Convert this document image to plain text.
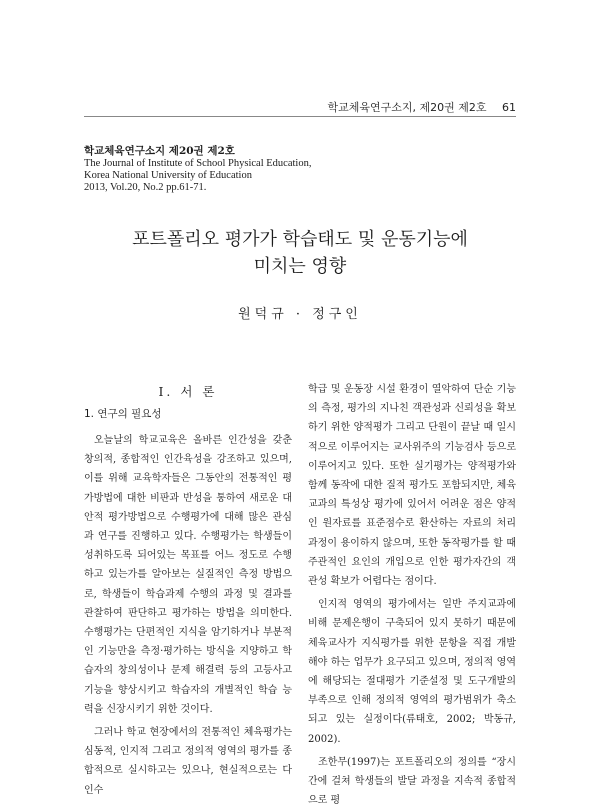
학교체육연구소지, 제20권 제2호 61
학교체육연구소지 제20권 제2호
The Journal of Institute of School Physical Education,
Korea National University of Education
2013, Vol.20, No.2 pp.61-71.
포트폴리오 평가가 학습태도 및 운동기능에
미치는 영향
원덕규 · 정구인
I. 서 론
1. 연구의 필요성

오늘날의 학교교육은 올바른 인간성을 갖춘 창의적, 종합적인 인간육성을 강조하고 있으며, 이를 위해 교육학자들은 그동안의 전통적인 평가방법에 대한 비판과 반성을 통하여 새로운 대안적 평가방법으로 수행평가에 대해 많은 관심과 연구를 진행하고 있다. 수행평가는 학생들이 성취하도록 되어있는 목표를 어느 정도로 수행하고 있는가를 알아보는 실질적인 측정 방법으로, 학생들이 학습과제 수행의 과정 및 결과를 관찰하여 판단하고 평가하는 방법을 의미한다. 수행평가는 단편적인 지식을 암기하거나 부분적인 기능만을 측정·평가하는 방식을 지양하고 학습자의 창의성이나 문제 해결력 등의 고등사고 기능을 향상시키고 학습자의 개별적인 학습 능력을 신장시키기 위한 것이다.

그러나 학교 현장에서의 전통적인 체육평가는 심동적, 인지적 그리고 정의적 영역의 평가를 종합적으로 실시하고는 있으나, 현실적으로는 다인수

학급 및 운동장 시설 환경이 열악하여 단순 기능의 측정, 평가의 지나친 객관성과 신뢰성을 확보하기 위한 양적평가 그리고 단원이 끝날 때 일시적으로 이루어지는 교사위주의 기능검사 등으로 이루어지고 있다. 또한 실기평가는 양적평가와 함께 동작에 대한 질적 평가도 포함되지만, 체육교과의 특성상 평가에 있어서 어려운 점은 양적인 원자료를 표준점수로 환산하는 자료의 처리과정이 용이하지 않으며, 또한 동작평가를 할 때 주관적인 요인의 개입으로 인한 평가자간의 객관성 확보가 어렵다는 점이다.

인지적 영역의 평가에서는 일반 주지교과에 비해 문제은행이 구축되어 있지 못하기 때문에 체육교사가 지식평가를 위한 문항을 직접 개발해야 하는 업무가 요구되고 있으며, 정의적 영역에 해당되는 절대평가 기준설정 및 도구개발의 부족으로 인해 정의적 영역의 평가범위가 축소되고 있는 실정이다(류태호, 2002; 박동규, 2002).

조한무(1997)는 포트폴리오의 정의를 “장시간에 걸쳐 학생들의 발달 과정을 지속적 종합적으로 평
